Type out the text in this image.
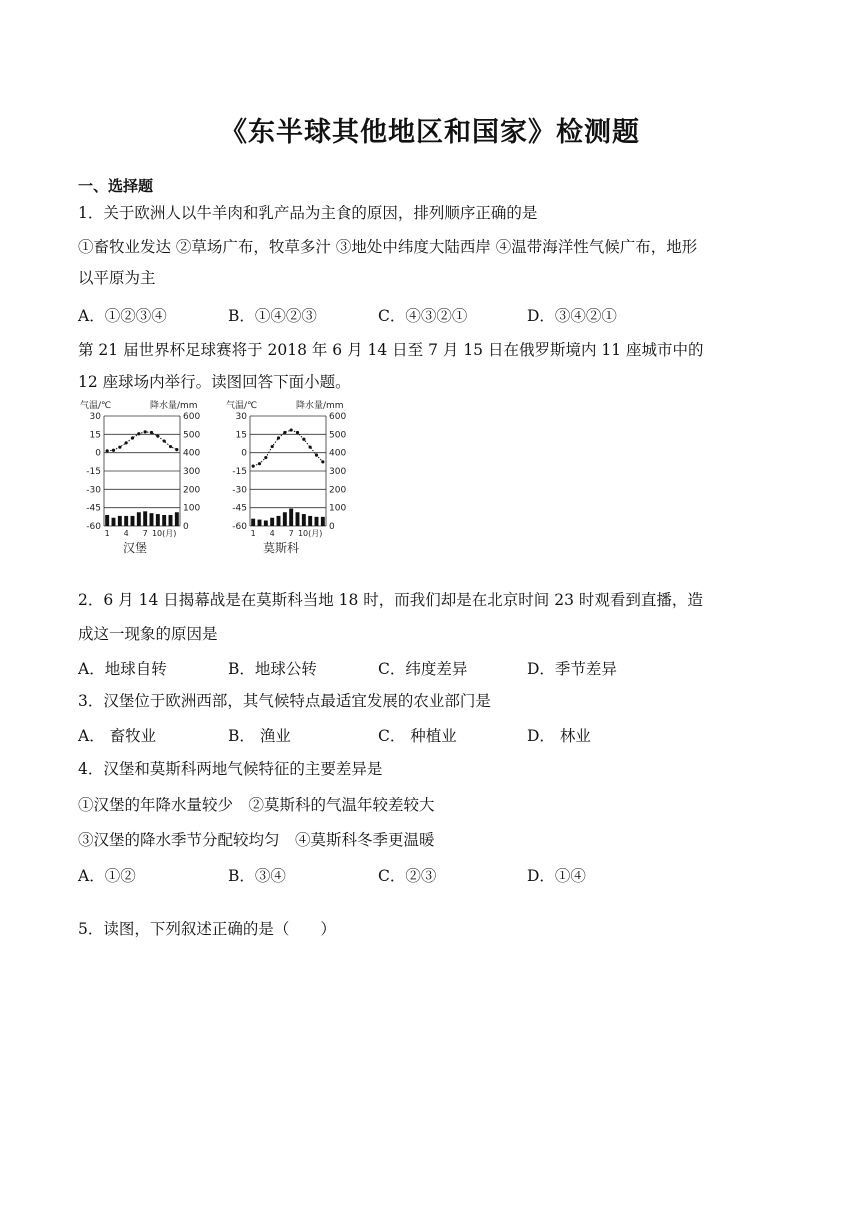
《东半球其他地区和国家》检测题
一、选择题
1．关于欧洲人以牛羊肉和乳产品为主食的原因，排列顺序正确的是
①畜牧业发达 ②草场广布，牧草多汁 ③地处中纬度大陆西岸 ④温带海洋性气候广布，地形
以平原为主
A．①②③④	B．①④②③	C．④③②①	D．③④②①
第 21 届世界杯足球赛将于 2018 年 6 月 14 日至 7 月 15 日在俄罗斯境内 11 座城市中的
12 座球场内举行。读图回答下面小题。
气温/℃	降水量/mm
30	600
15	500
0	400
-15	300
-30	200
-45	100
-60	0
1 4 7 10(月)
汉堡
气温/℃	降水量/mm
30	600
15	500
0	400
-15	300
-30	200
-45	100
-60	0
1 4 7 10(月)
莫斯科
2．6 月 14 日揭幕战是在莫斯科当地 18 时，而我们却是在北京时间 23 时观看到直播，造
成这一现象的原因是
A．地球自转	B．地球公转	C．纬度差异	D．季节差异
3．汉堡位于欧洲西部，其气候特点最适宜发展的农业部门是
A． 畜牧业	B． 渔业	C． 种植业	D． 林业
4．汉堡和莫斯科两地气候特征的主要差异是
①汉堡的年降水量较少　②莫斯科的气温年较差较大
③汉堡的降水季节分配较均匀　④莫斯科冬季更温暖
A．①②	B．③④	C．②③	D．①④
5．读图，下列叙述正确的是（　　）
